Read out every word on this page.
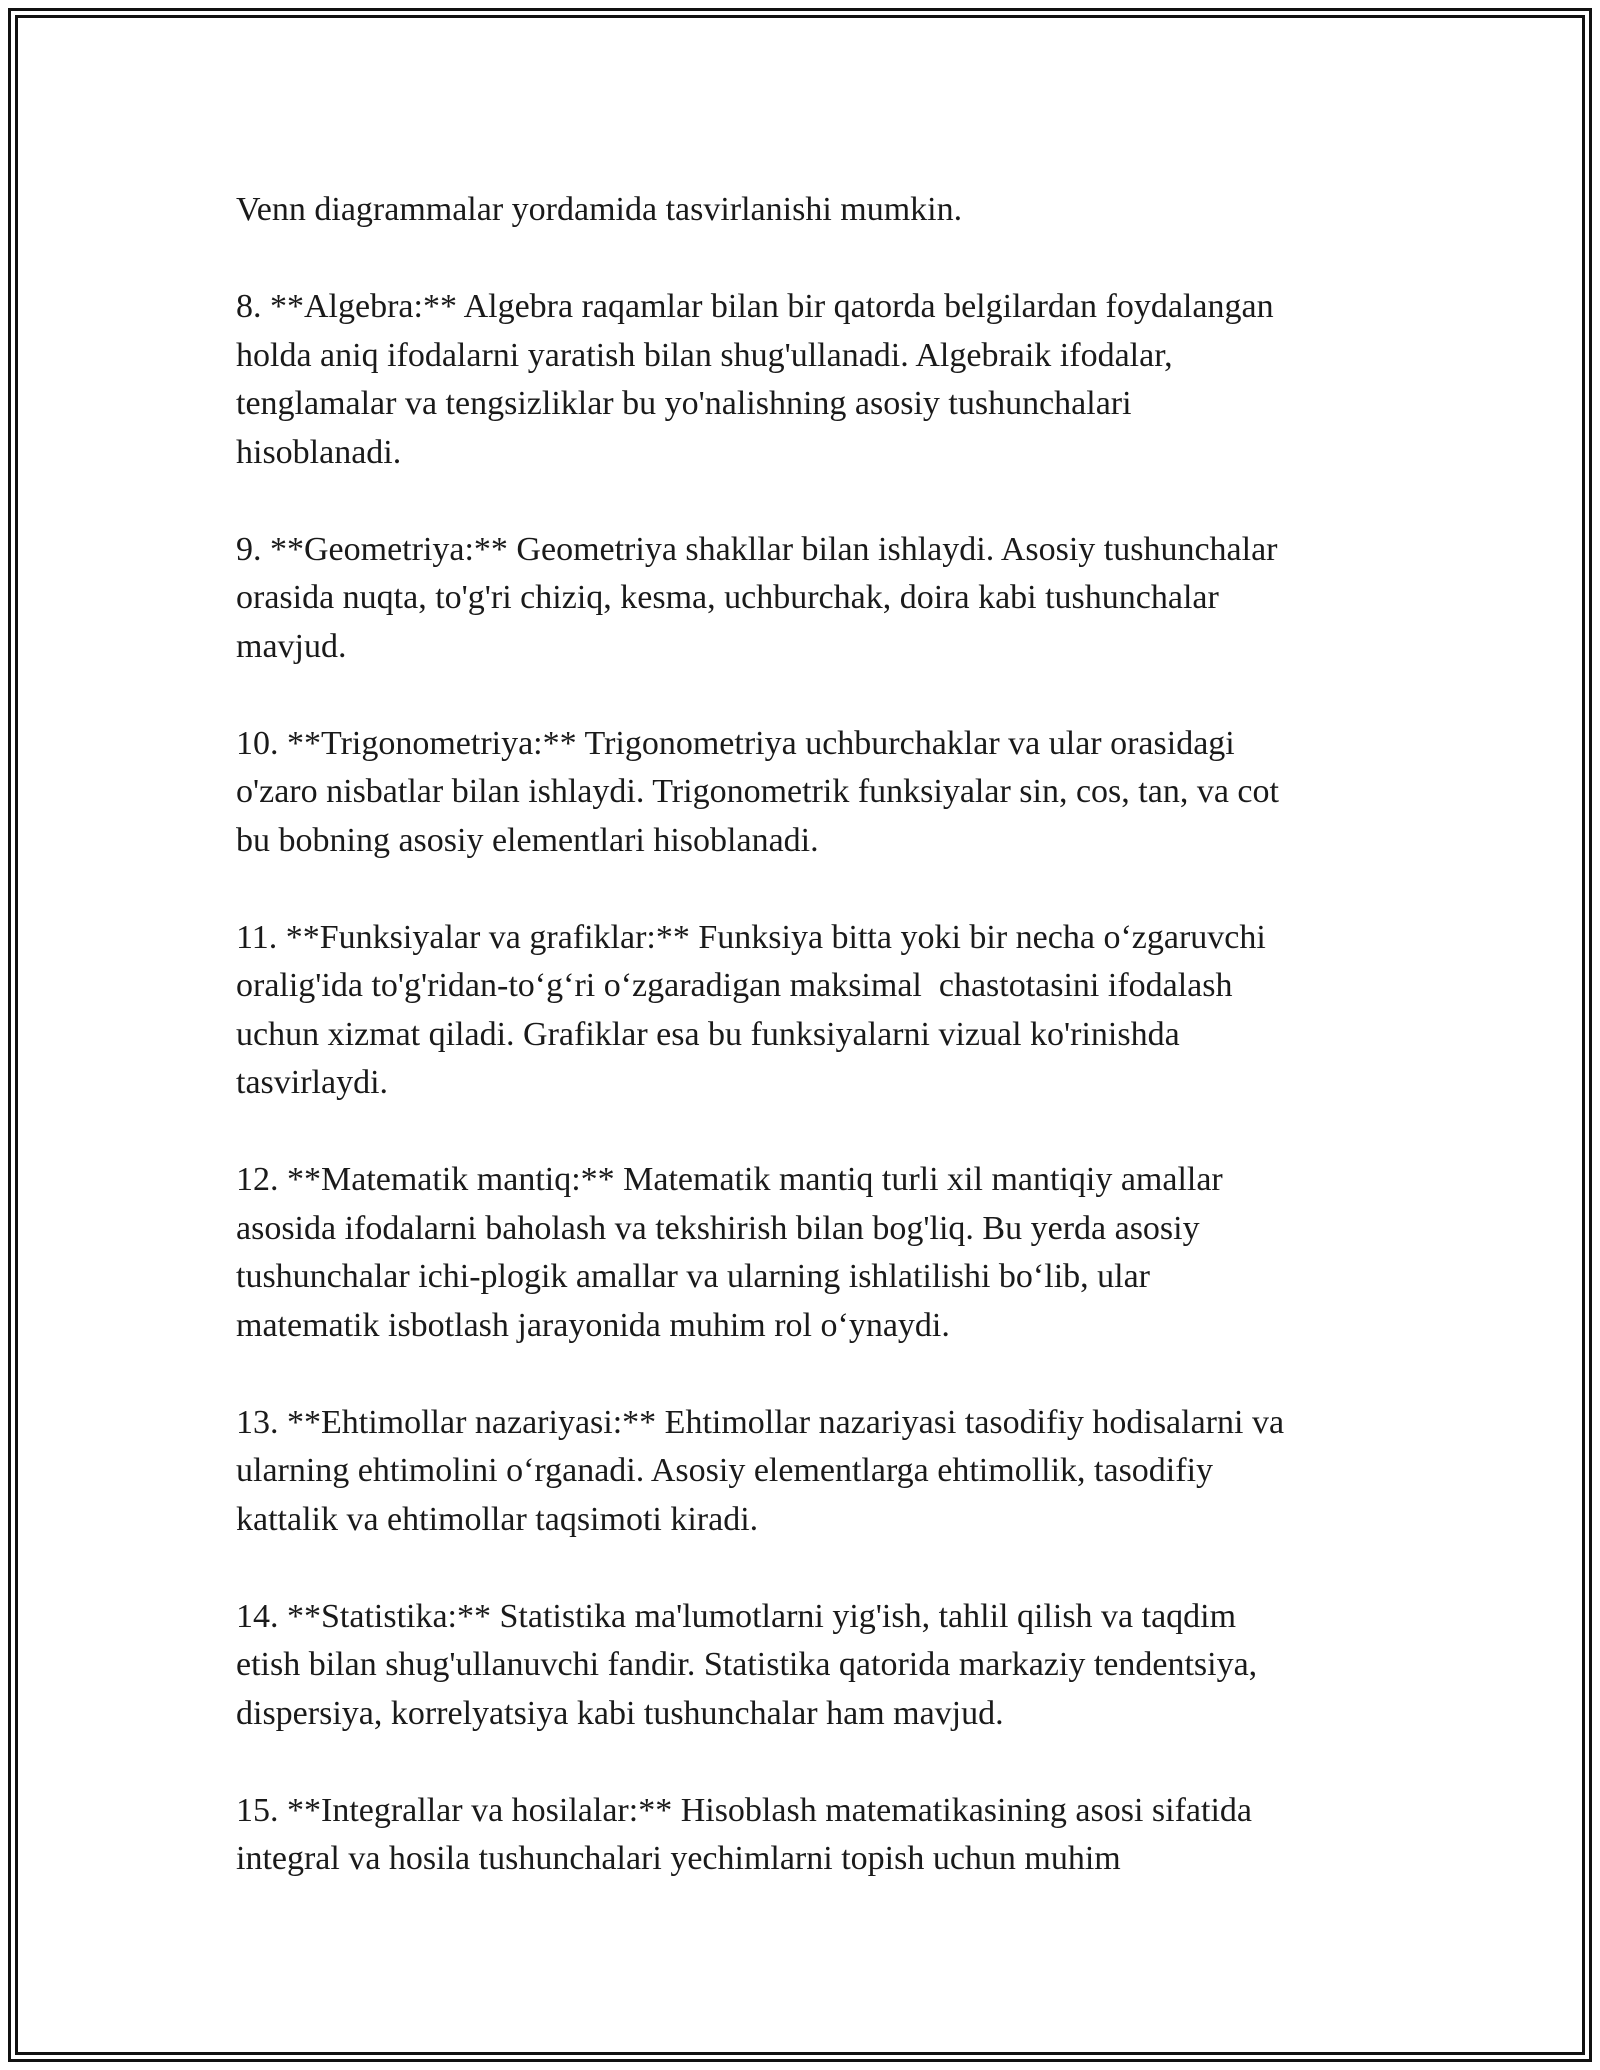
Venn diagrammalar yordamida tasvirlanishi mumkin.

8. **Algebra:** Algebra raqamlar bilan bir qatorda belgilardan foydalangan
holda aniq ifodalarni yaratish bilan shug'ullanadi. Algebraik ifodalar,
tenglamalar va tengsizliklar bu yo'nalishning asosiy tushunchalari
hisoblanadi.

9. **Geometriya:** Geometriya shakllar bilan ishlaydi. Asosiy tushunchalar
orasida nuqta, to'g'ri chiziq, kesma, uchburchak, doira kabi tushunchalar
mavjud.

10. **Trigonometriya:** Trigonometriya uchburchaklar va ular orasidagi
o'zaro nisbatlar bilan ishlaydi. Trigonometrik funksiyalar sin, cos, tan, va cot
bu bobning asosiy elementlari hisoblanadi.

11. **Funksiyalar va grafiklar:** Funksiya bitta yoki bir necha o‘zgaruvchi
oralig'ida to'g'ridan-to‘g‘ri o‘zgaradigan maksimal  chastotasini ifodalash
uchun xizmat qiladi. Grafiklar esa bu funksiyalarni vizual ko'rinishda
tasvirlaydi.

12. **Matematik mantiq:** Matematik mantiq turli xil mantiqiy amallar
asosida ifodalarni baholash va tekshirish bilan bog'liq. Bu yerda asosiy
tushunchalar ichi-plogik amallar va ularning ishlatilishi bo‘lib, ular
matematik isbotlash jarayonida muhim rol o‘ynaydi.

13. **Ehtimollar nazariyasi:** Ehtimollar nazariyasi tasodifiy hodisalarni va
ularning ehtimolini o‘rganadi. Asosiy elementlarga ehtimollik, tasodifiy
kattalik va ehtimollar taqsimoti kiradi.

14. **Statistika:** Statistika ma'lumotlarni yig'ish, tahlil qilish va taqdim
etish bilan shug'ullanuvchi fandir. Statistika qatorida markaziy tendentsiya,
dispersiya, korrelyatsiya kabi tushunchalar ham mavjud.

15. **Integrallar va hosilalar:** Hisoblash matematikasining asosi sifatida
integral va hosila tushunchalari yechimlarni topish uchun muhim
